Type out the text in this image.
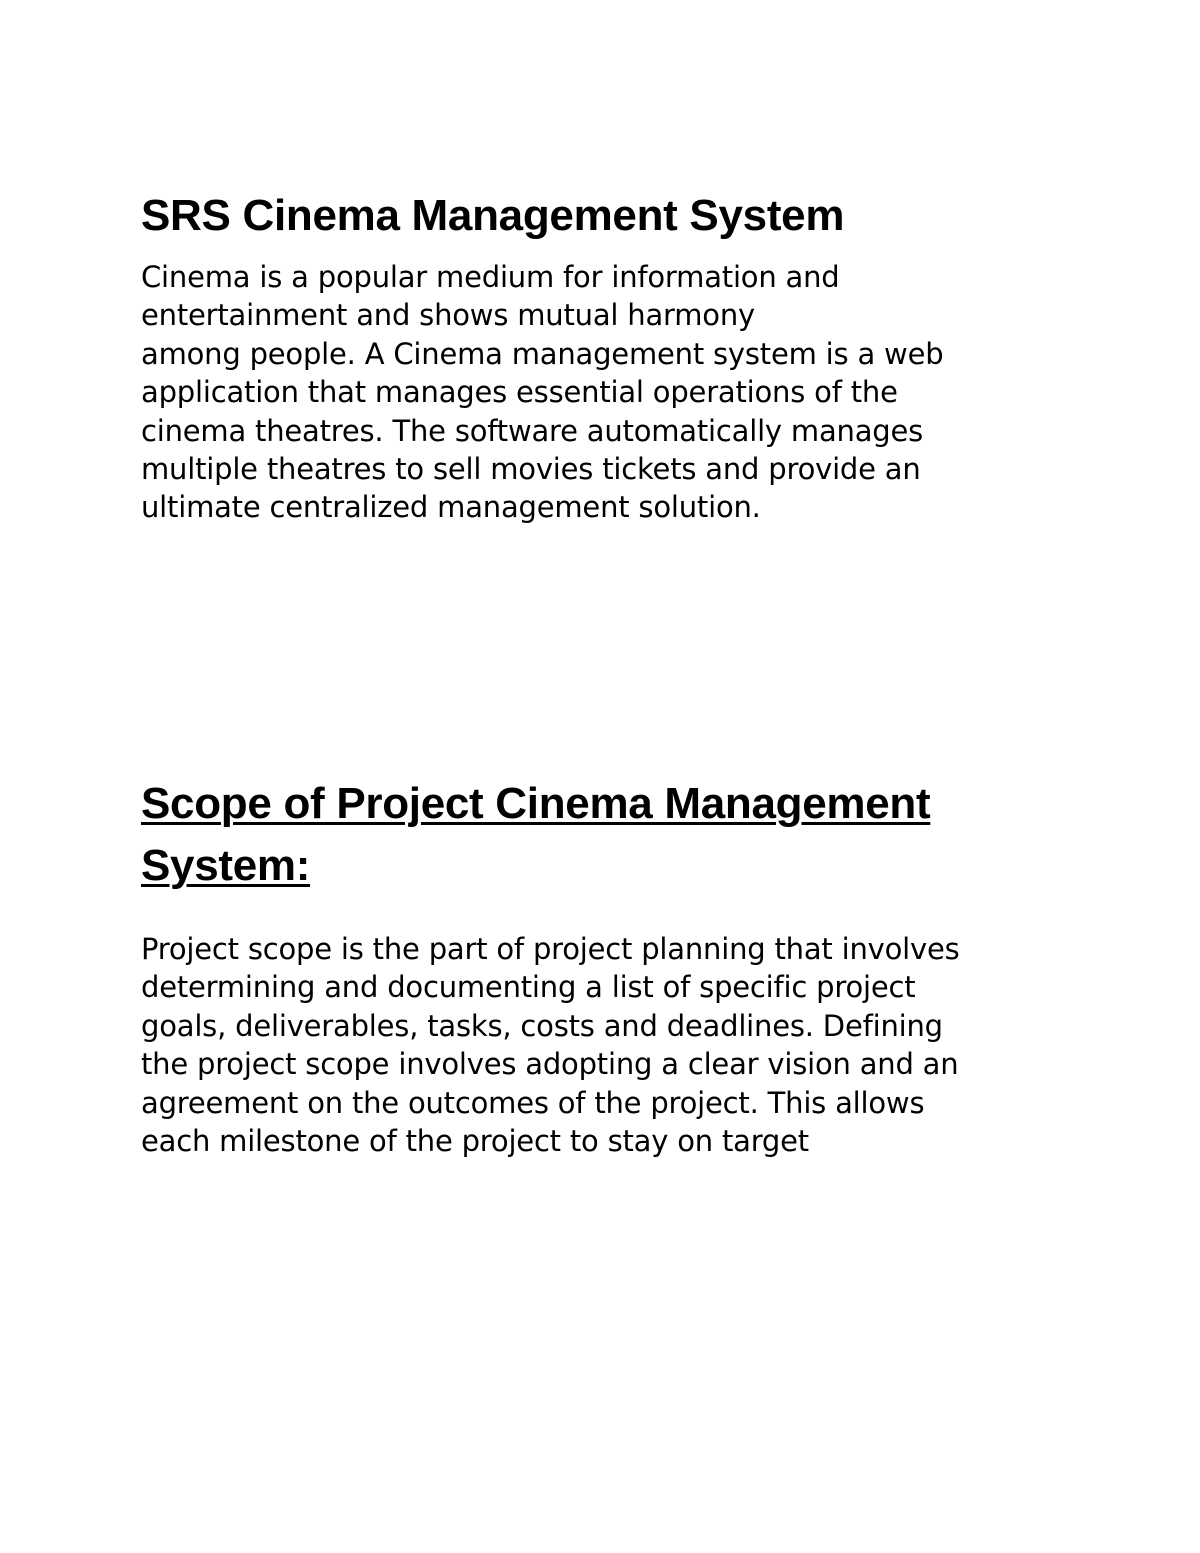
SRS Cinema Management System

Cinema is a popular medium for information and
entertainment and shows mutual harmony
among people. A Cinema management system is a web
application that manages essential operations of the
cinema theatres. The software automatically manages
multiple theatres to sell movies tickets and provide an
ultimate centralized management solution.

Scope of Project Cinema Management
System:

Project scope is the part of project planning that involves
determining and documenting a list of specific project
goals, deliverables, tasks, costs and deadlines. Defining
the project scope involves adopting a clear vision and an
agreement on the outcomes of the project. This allows
each milestone of the project to stay on target
